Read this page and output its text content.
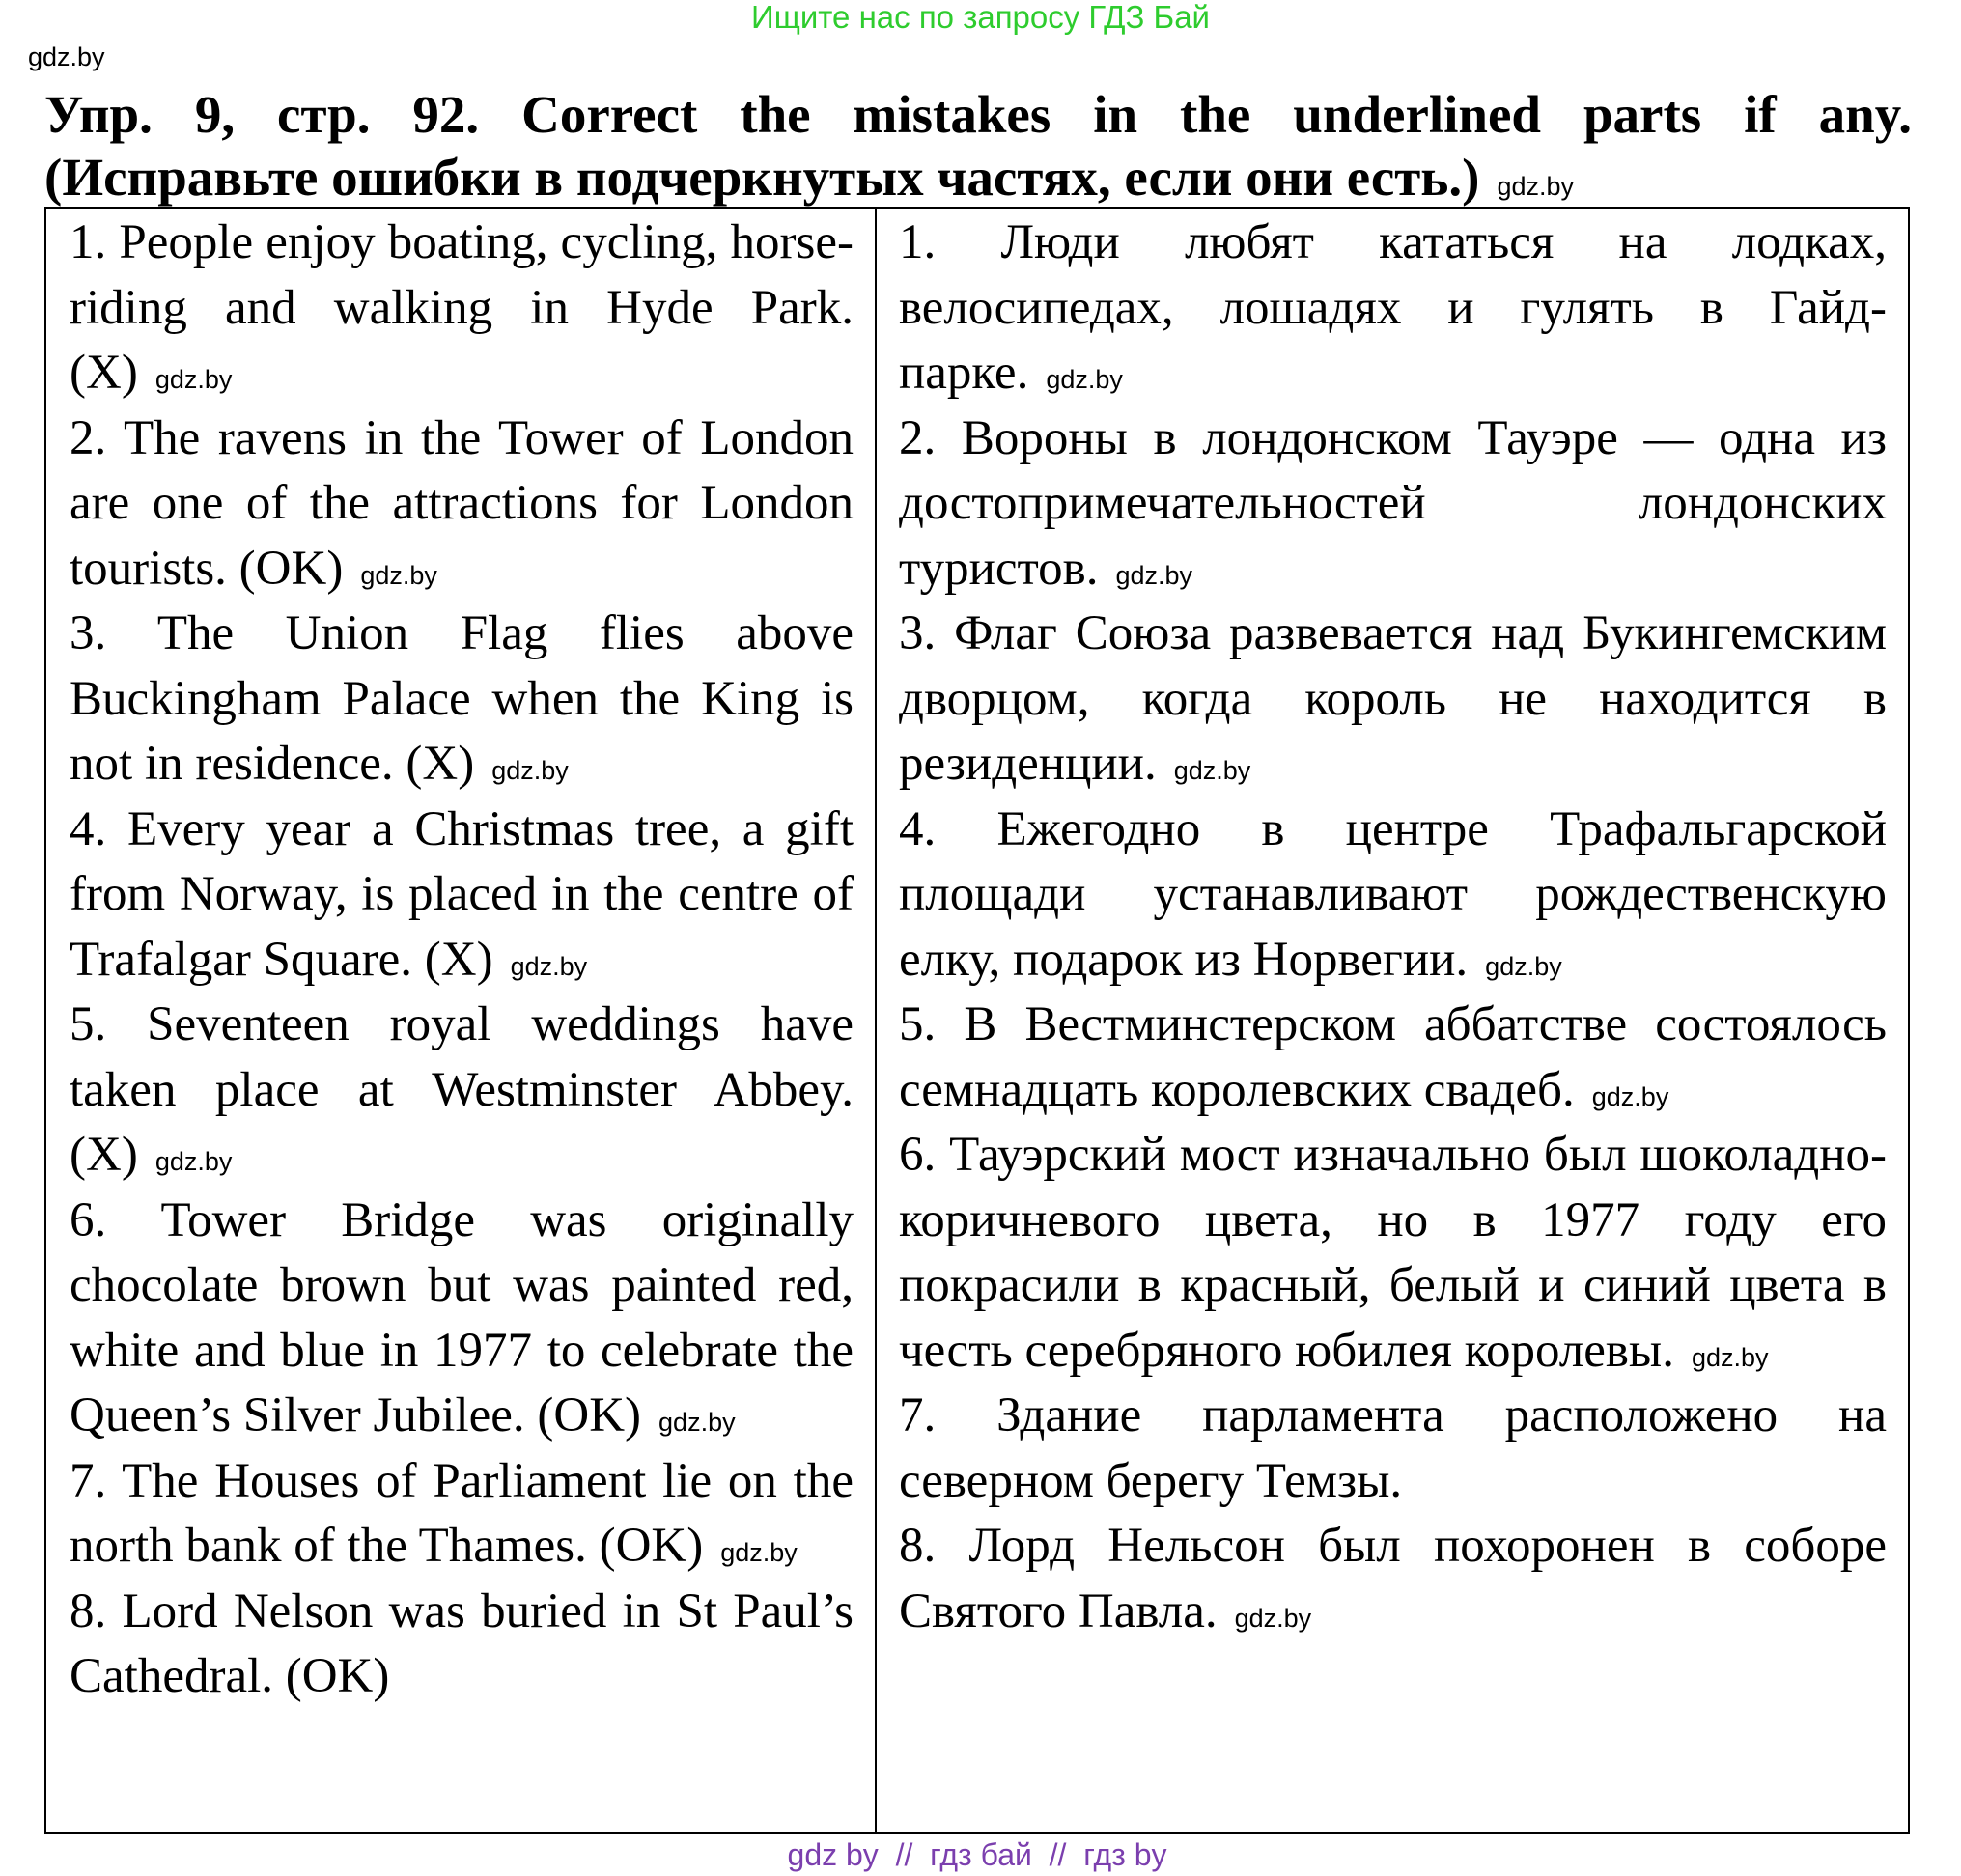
Ищите нас по запросу ГДЗ Бай
gdz.by
Упр. 9, стр. 92. Correct the mistakes in the underlined parts if any.
(Исправьте ошибки в подчеркнутых частях, если они есть.) gdz.by

1. People enjoy boating, cycling, horse-riding and walking in Hyde Park. (X) gdz.by

2. The ravens in the Tower of London are one of the attractions for London tourists. (OK) gdz.by

3. The Union Flag flies above Buckingham Palace when the King is not in residence. (X) gdz.by

4. Every year a Christmas tree, a gift from Norway, is placed in the centre of Trafalgar Square. (X) gdz.by

5. Seventeen royal weddings have taken place at Westminster Abbey. (X) gdz.by

6. Tower Bridge was originally chocolate brown but was painted red, white and blue in 1977 to celebrate the Queen’s Silver Jubilee. (OK) gdz.by

7. The Houses of Parliament lie on the north bank of the Thames. (OK) gdz.by

8. Lord Nelson was buried in St Paul’s Cathedral. (OK)

1. Люди любят кататься на лодках, велосипедах, лошадях и гулять в Гайд-парке. gdz.by

2. Вороны в лондонском Тауэре — одна из достопримечательностей лондонских туристов. gdz.by

3. Флаг Союза развевается над Букингемским дворцом, когда король не находится в резиденции. gdz.by

4. Ежегодно в центре Трафальгарской площади устанавливают рождественскую елку, подарок из Норвегии. gdz.by

5. В Вестминстерском аббатстве состоялось семнадцать королевских свадеб. gdz.by

6. Тауэрский мост изначально был шоколадно-коричневого цвета, но в 1977 году его покрасили в красный, белый и синий цвета в честь серебряного юбилея королевы. gdz.by

7. Здание парламента расположено на северном берегу Темзы.

8. Лорд Нельсон был похоронен в соборе Святого Павла. gdz.by

gdz by  //  гдз бай  //  гдз by
